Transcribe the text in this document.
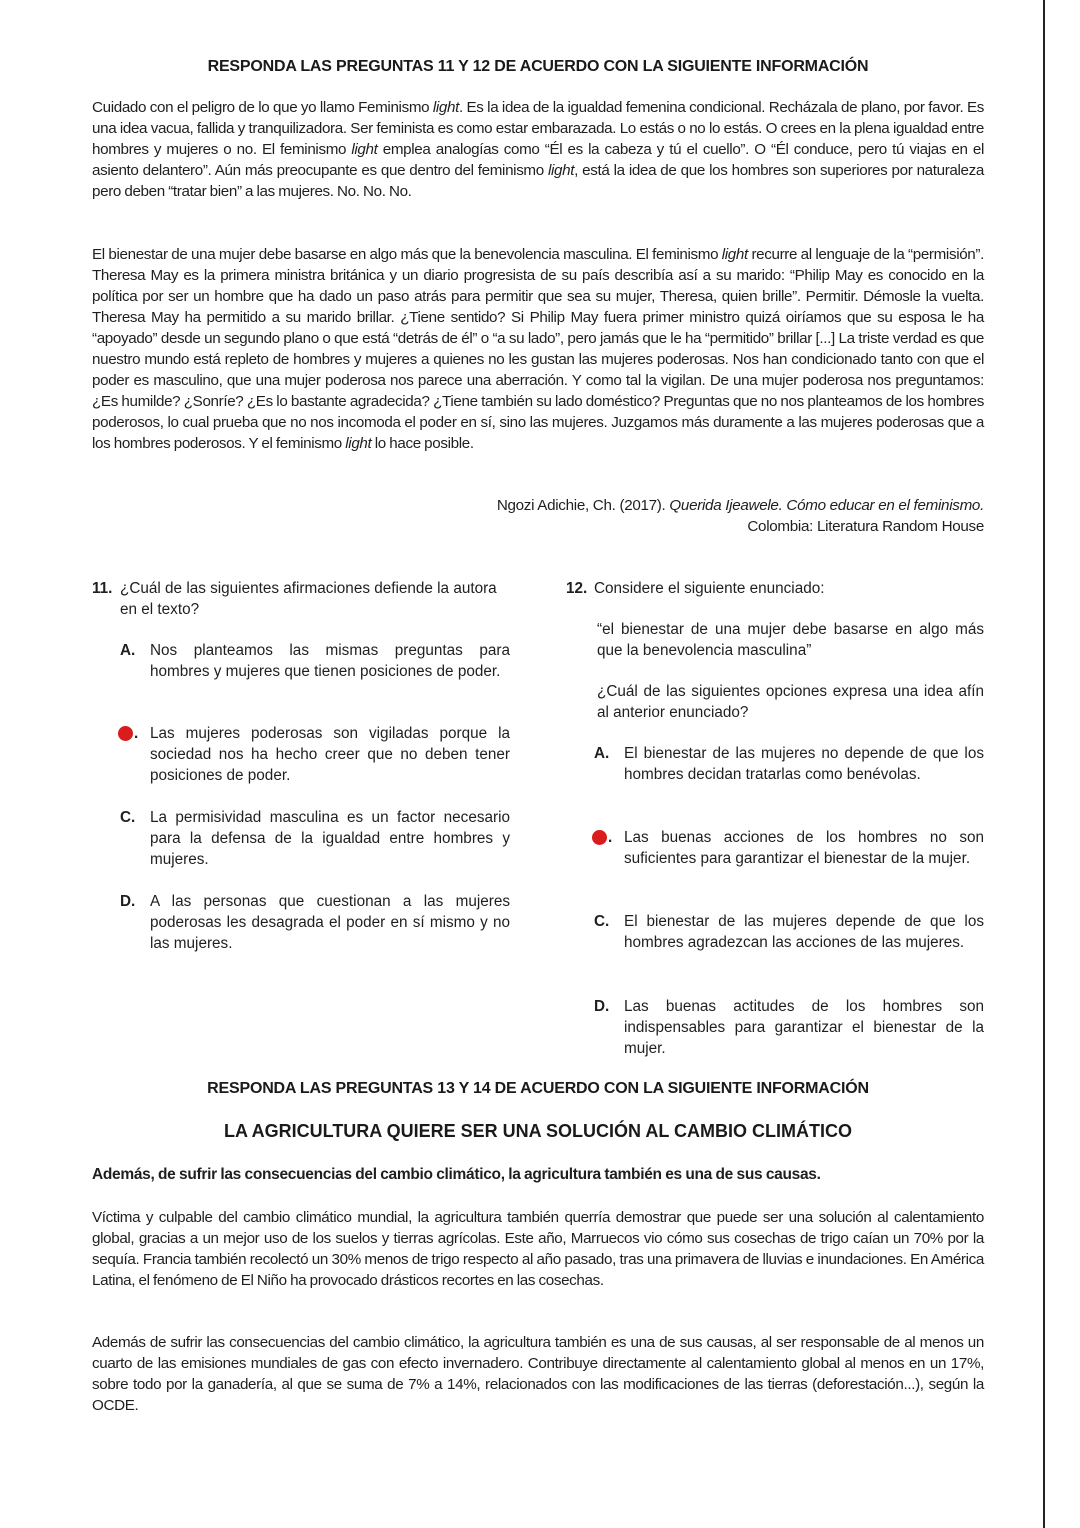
RESPONDA LAS PREGUNTAS 11 Y 12 DE ACUERDO CON LA SIGUIENTE INFORMACIÓN
Cuidado con el peligro de lo que yo llamo Feminismo light. Es la idea de la igualdad femenina condicional. Recházala de plano, por favor. Es una idea vacua, fallida y tranquilizadora. Ser feminista es como estar embarazada. Lo estás o no lo estás. O crees en la plena igualdad entre hombres y mujeres o no. El feminismo light emplea analogías como “Él es la cabeza y tú el cuello”. O “Él conduce, pero tú viajas en el asiento delantero”. Aún más preocupante es que dentro del feminismo light, está la idea de que los hombres son superiores por naturaleza pero deben “tratar bien” a las mujeres. No. No. No.
El bienestar de una mujer debe basarse en algo más que la benevolencia masculina. El feminismo light recurre al lenguaje de la “permisión”. Theresa May es la primera ministra británica y un diario progresista de su país describía así a su marido: “Philip May es conocido en la política por ser un hombre que ha dado un paso atrás para permitir que sea su mujer, Theresa, quien brille”. Permitir. Démosle la vuelta. Theresa May ha permitido a su marido brillar. ¿Tiene sentido? Si Philip May fuera primer ministro quizá oiríamos que su esposa le ha “apoyado” desde un segundo plano o que está “detrás de él” o “a su lado”, pero jamás que le ha “permitido” brillar [...] La triste verdad es que nuestro mundo está repleto de hombres y mujeres a quienes no les gustan las mujeres poderosas. Nos han condicionado tanto con que el poder es masculino, que una mujer poderosa nos parece una aberración. Y como tal la vigilan. De una mujer poderosa nos preguntamos: ¿Es humilde? ¿Sonríe? ¿Es lo bastante agradecida? ¿Tiene también su lado doméstico? Preguntas que no nos planteamos de los hombres poderosos, lo cual prueba que no nos incomoda el poder en sí, sino las mujeres. Juzgamos más duramente a las mujeres poderosas que a los hombres poderosos. Y el feminismo light lo hace posible.
Ngozi Adichie, Ch. (2017). Querida Ijeawele. Cómo educar en el feminismo.
Colombia: Literatura Random House
11. ¿Cuál de las siguientes afirmaciones defiende la autora en el texto?
A. Nos planteamos las mismas preguntas para hombres y mujeres que tienen posiciones de poder.
. Las mujeres poderosas son vigiladas porque la sociedad nos ha hecho creer que no deben tener posiciones de poder.
C. La permisividad masculina es un factor necesario para la defensa de la igualdad entre hombres y mujeres.
D. A las personas que cuestionan a las mujeres poderosas les desagrada el poder en sí mismo y no las mujeres.
12. Considere el siguiente enunciado:
“el bienestar de una mujer debe basarse en algo más que la benevolencia masculina”
¿Cuál de las siguientes opciones expresa una idea afín al anterior enunciado?
A. El bienestar de las mujeres no depende de que los hombres decidan tratarlas como benévolas.
. Las buenas acciones de los hombres no son suficientes para garantizar el bienestar de la mujer.
C. El bienestar de las mujeres depende de que los hombres agradezcan las acciones de las mujeres.
D. Las buenas actitudes de los hombres son indispensables para garantizar el bienestar de la mujer.
RESPONDA LAS PREGUNTAS 13 Y 14 DE ACUERDO CON LA SIGUIENTE INFORMACIÓN
LA AGRICULTURA QUIERE SER UNA SOLUCIÓN AL CAMBIO CLIMÁTICO
Además, de sufrir las consecuencias del cambio climático, la agricultura también es una de sus causas.
Víctima y culpable del cambio climático mundial, la agricultura también querría demostrar que puede ser una solución al calentamiento global, gracias a un mejor uso de los suelos y tierras agrícolas. Este año, Marruecos vio cómo sus cosechas de trigo caían un 70% por la sequía. Francia también recolectó un 30% menos de trigo respecto al año pasado, tras una primavera de lluvias e inundaciones. En América Latina, el fenómeno de El Niño ha provocado drásticos recortes en las cosechas.
Además de sufrir las consecuencias del cambio climático, la agricultura también es una de sus causas, al ser responsable de al menos un cuarto de las emisiones mundiales de gas con efecto invernadero. Contribuye directamente al calentamiento global al menos en un 17%, sobre todo por la ganadería, al que se suma de 7% a 14%, relacionados con las modificaciones de las tierras (deforestación...), según la OCDE.
